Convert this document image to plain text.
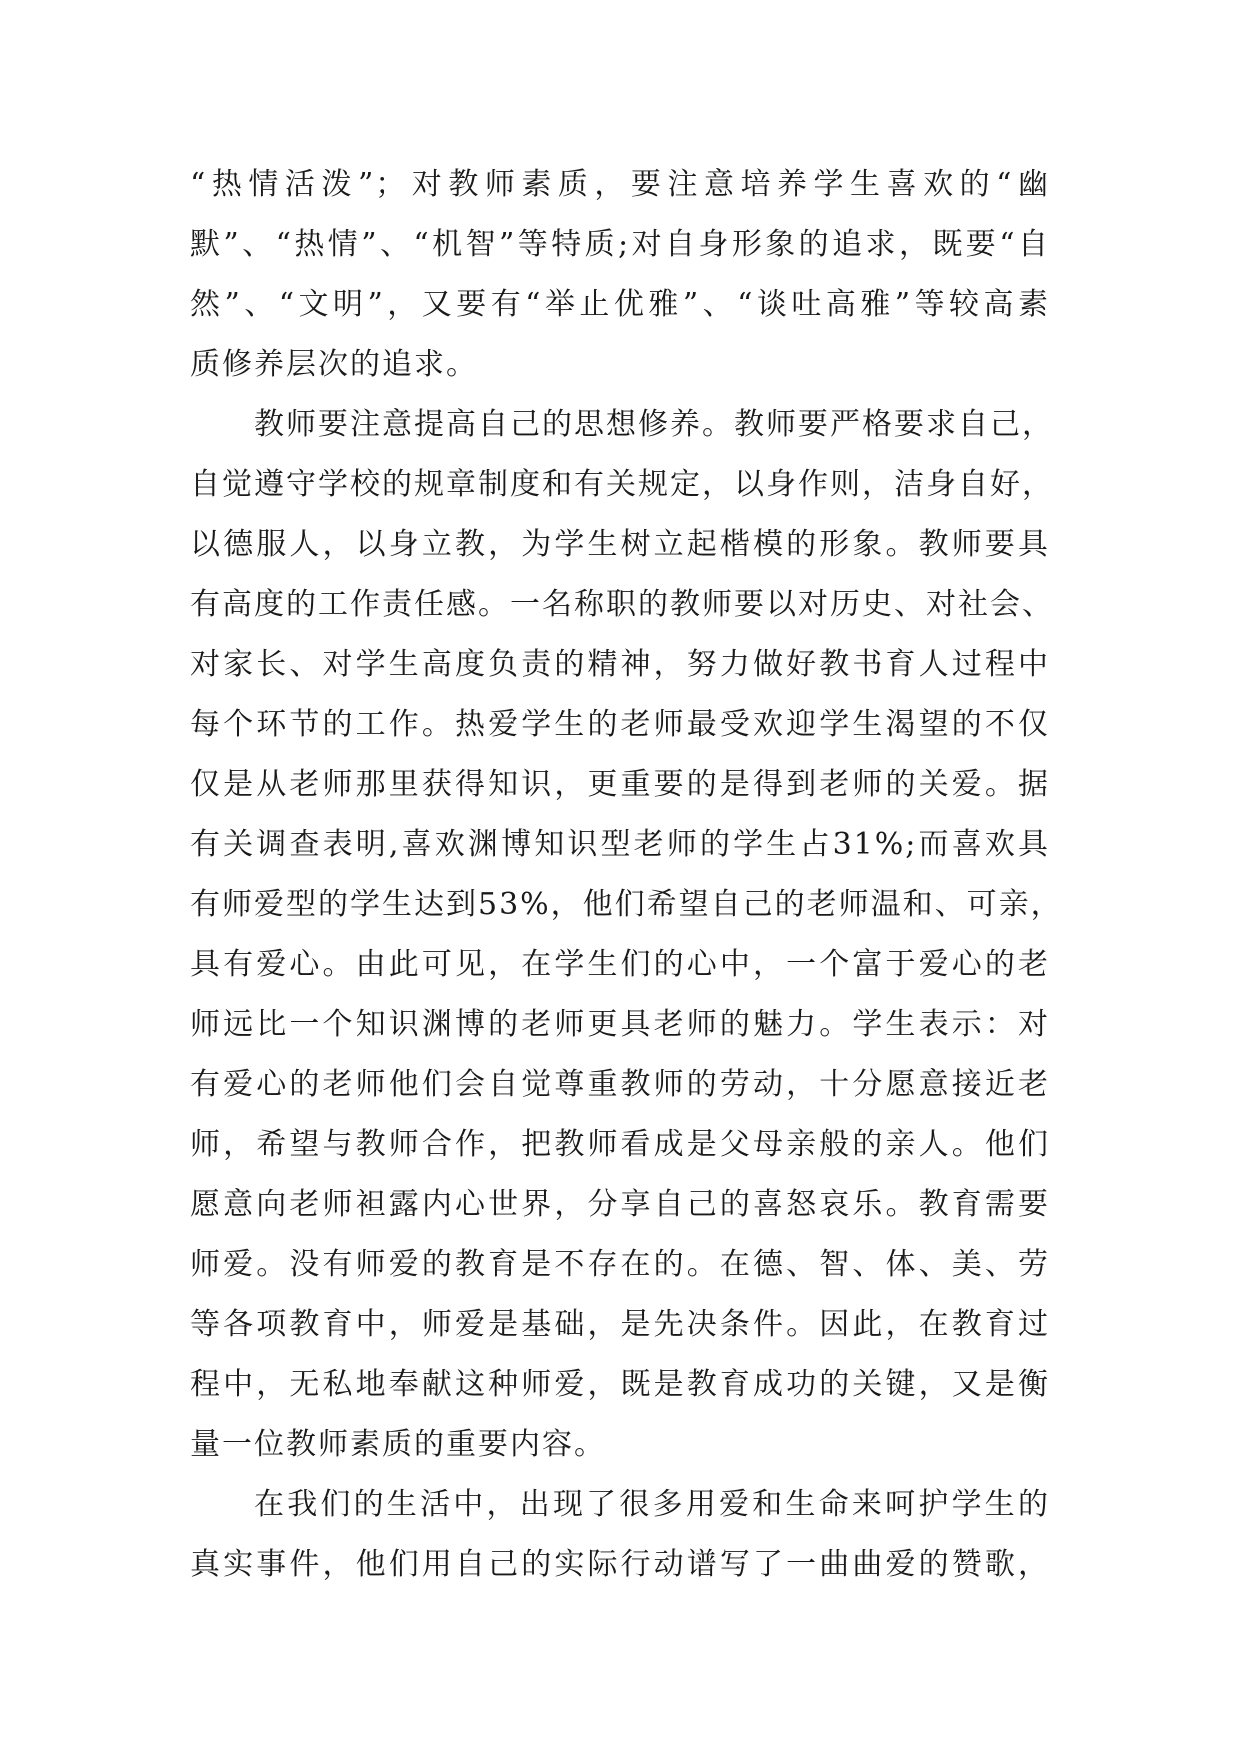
“热情活泼”；对教师素质，要注意培养学生喜欢的“幽
默”、“热情”、“机智”等特质;对自身形象的追求，既要“自
然”、“文明”，又要有“举止优雅”、“谈吐高雅”等较高素
质修养层次的追求。
教师要注意提高自己的思想修养。教师要严格要求自己，
自觉遵守学校的规章制度和有关规定，以身作则，洁身自好，
以德服人，以身立教，为学生树立起楷模的形象。教师要具
有高度的工作责任感。一名称职的教师要以对历史、对社会、
对家长、对学生高度负责的精神，努力做好教书育人过程中
每个环节的工作。热爱学生的老师最受欢迎学生渴望的不仅
仅是从老师那里获得知识，更重要的是得到老师的关爱。据
有关调查表明,喜欢渊博知识型老师的学生占31%;而喜欢具
有师爱型的学生达到53%，他们希望自己的老师温和、可亲，
具有爱心。由此可见，在学生们的心中，一个富于爱心的老
师远比一个知识渊博的老师更具老师的魅力。学生表示：对
有爱心的老师他们会自觉尊重教师的劳动，十分愿意接近老
师，希望与教师合作，把教师看成是父母亲般的亲人。他们
愿意向老师袒露内心世界，分享自己的喜怒哀乐。教育需要
师爱。没有师爱的教育是不存在的。在德、智、体、美、劳
等各项教育中，师爱是基础，是先决条件。因此，在教育过
程中，无私地奉献这种师爱，既是教育成功的关键，又是衡
量一位教师素质的重要内容。
在我们的生活中，出现了很多用爱和生命来呵护学生的
真实事件，他们用自己的实际行动谱写了一曲曲爱的赞歌，
